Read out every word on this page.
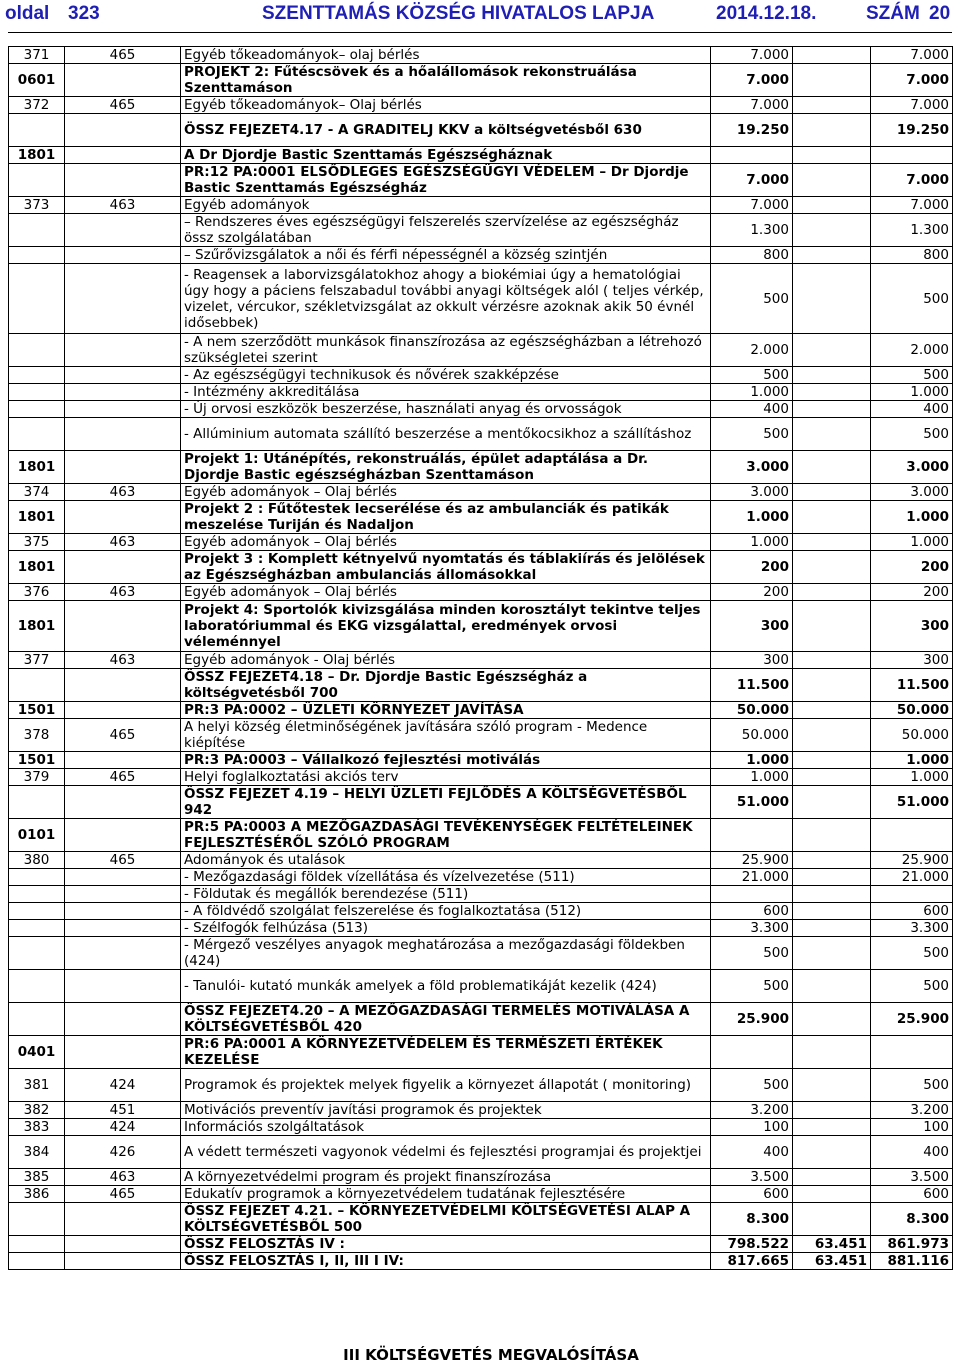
oldal 323	SZENTTAMÁS KÖZSÉG HIVATALOS LAPJA	2014.12.18.	SZÁM 20
371	465	Egyéb tőkeadományok– olaj bérlés	7.000		7.000
0601		PROJEKT 2: Fűtéscsövek és a hőalállomások rekonstruálása Szenttamáson	7.000		7.000
372	465	Egyéb tőkeadományok– Olaj bérlés	7.000		7.000
		ÖSSZ FEJEZET4.17 - A GRADITELJ KKV a költségvetésből 630	19.250		19.250
1801		A Dr Djordje Bastic Szenttamás Egészségháznak			
		PR:12 PA:0001 ELSŐDLEGES EGÉSZSÉGÜGYI VÉDELEM – Dr Djordje Bastic Szenttamás Egészségház	7.000		7.000
373	463	Egyéb adományok	7.000		7.000
		– Rendszeres éves egészségügyi felszerelés szervízelése az egészségház össz szolgálatában	1.300		1.300
		– Szűrővizsgálatok a női és férfi népességnél a község szintjén	800		800
		- Reagensek a laborvizsgálatokhoz ahogy a biokémiai úgy a hematológiai úgy hogy a páciens felszabadul további anyagi költségek alól ( teljes vérkép, vizelet, vércukor, székletvizsgálat az okkult vérzésre azoknak akik 50 évnél idősebbek)	500		500
		- A nem szerződött munkások finanszírozása az egészségházban a létrehozó szükségletei szerint	2.000		2.000
		- Az egészségügyi technikusok és nővérek szakképzése	500		500
		- Intézmény akkreditálása	1.000		1.000
		- Új orvosi eszközök beszerzése, használati anyag és orvosságok	400		400
		- Allúminium automata szállító beszerzése a mentőkocsikhoz a szállításhoz	500		500
1801		Projekt 1: Utánépítés, rekonstruálás, épület adaptálása a Dr. Djordje Bastic egészségházban Szenttamáson	3.000		3.000
374	463	Egyéb adományok – Olaj bérlés	3.000		3.000
1801		Projekt 2 : Fűtőtestek lecserélése és az ambulanciák és patikák meszelése Turiján és Nadaljon	1.000		1.000
375	463	Egyéb adományok – Olaj bérlés	1.000		1.000
1801		Projekt 3 : Komplett kétnyelvű nyomtatás és táblakiírás és jelölések az Egészségházban ambulanciás állomásokkal	200		200
376	463	Egyéb adományok – Olaj bérlés	200		200
1801		Projekt 4: Sportolók kivizsgálása minden korosztályt tekintve teljes laboratóriummal és EKG vizsgálattal, eredmények orvosi véleménnyel	300		300
377	463	Egyéb adományok - Olaj bérlés	300		300
		ÖSSZ FEJEZET4.18 – Dr. Djordje Bastic Egészségház a költségvetésből 700	11.500		11.500
1501		PR:3 PA:0002 – ÜZLETI KÖRNYEZET JAVÍTÁSA	50.000		50.000
378	465	A helyi község életminőségének javítására szóló program - Medence kiépítése	50.000		50.000
1501		PR:3 PA:0003 – Vállalkozó fejlesztési motiválás	1.000		1.000
379	465	Helyi foglalkoztatási akciós terv	1.000		1.000
		ÖSSZ FEJEZET 4.19 – HELYI ÜZLETI FEJLŐDÉS A KÖLTSÉGVETÉSBŐL 942	51.000		51.000
0101		PR:5 PA:0003 A MEZŐGAZDASÁGI TEVÉKENYSÉGEK FELTÉTELEINEK FEJLESZTÉSÉRŐL SZÓLÓ PROGRAM			
380	465	Adományok és utalások	25.900		25.900
		- Mezőgazdasági földek vízellátása és vízelvezetése (511)	21.000		21.000
		- Földutak és megállók berendezése (511)			
		- A földvédő szolgálat felszerelése és foglalkoztatása (512)	600		600
		- Szélfogók felhúzása (513)	3.300		3.300
		- Mérgező veszélyes anyagok meghatározása a mezőgazdasági földekben (424)	500		500
		- Tanulói- kutató munkák amelyek a föld problematikáját kezelik (424)	500		500
		ÖSSZ FEJEZET4.20 – A MEZŐGAZDASÁGI TERMELÉS MOTIVÁLÁSA A KÖLTSÉGVETÉSBŐL 420	25.900		25.900
0401		PR:6 PA:0001 A KÖRNYEZETVÉDELEM ÉS TERMÉSZETI ÉRTÉKEK KEZELÉSE			
381	424	Programok és projektek melyek figyelik a környezet állapotát ( monitoring)	500		500
382	451	Motivációs preventív javítási programok és projektek	3.200		3.200
383	424	Információs szolgáltatások	100		100
384	426	A védett természeti vagyonok védelmi és fejlesztési programjai és projektjei	400		400
385	463	A környezetvédelmi program és projekt finanszírozása	3.500		3.500
386	465	Edukatív programok a környezetvédelem tudatának fejlesztésére	600		600
		ÖSSZ FEJEZET 4.21. – KÖRNYEZETVÉDELMI KÖLTSÉGVETÉSI ALAP A KÖLTSÉGVETÉSBŐL 500	8.300		8.300
		ÖSSZ FELOSZTÁS IV :	798.522	63.451	861.973
		ÖSSZ FELOSZTÁS I, II, III I IV:	817.665	63.451	881.116
III KÖLTSÉGVETÉS MEGVALÓSÍTÁSA
